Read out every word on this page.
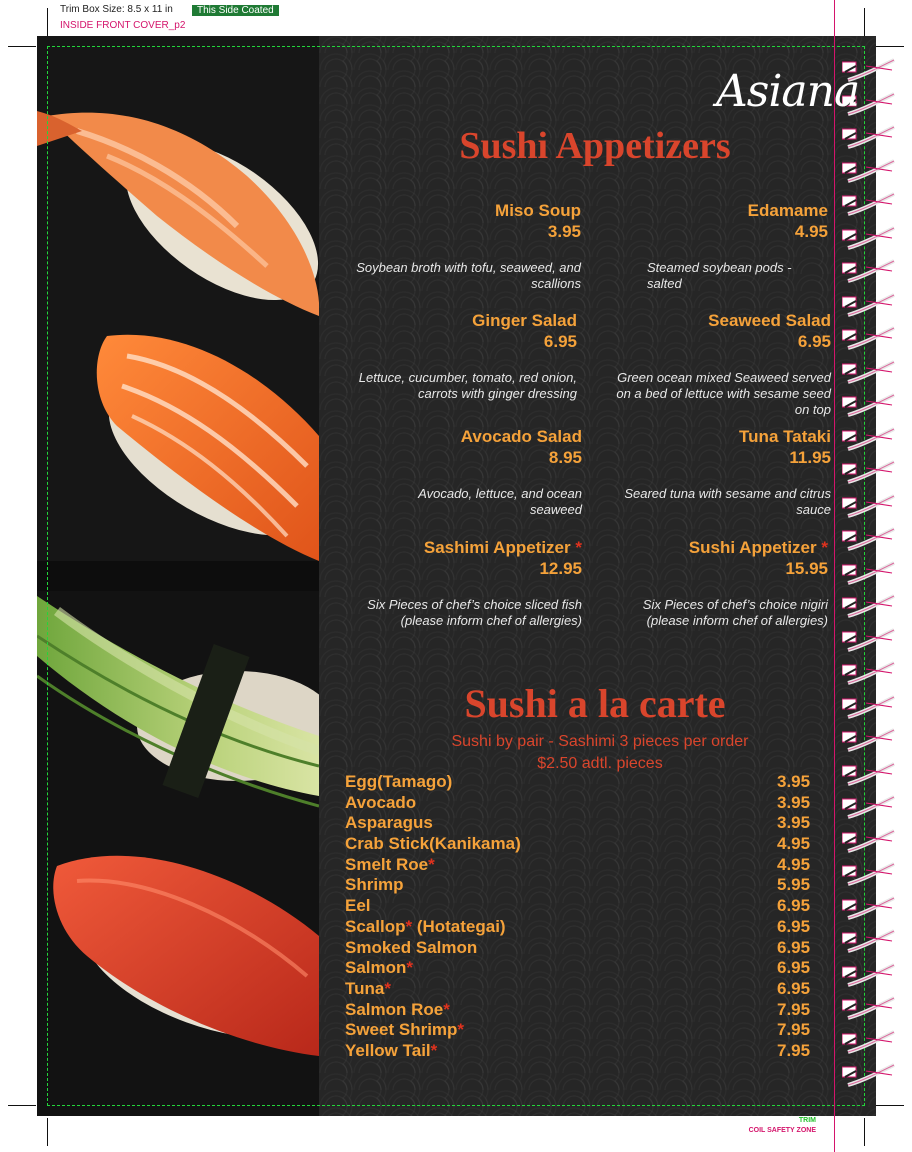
Trim Box Size: 8.5 x 11 in	This Side Coated
INSIDE FRONT COVER_p2
Asiana
Sushi Appetizers
Miso Soup
3.95
Soybean broth with tofu, seaweed, and scallions
Edamame
4.95
Steamed soybean pods - salted
Ginger Salad
6.95
Lettuce, cucumber, tomato, red onion, carrots with ginger dressing
Seaweed Salad
6.95
Green ocean mixed Seaweed served on a bed of lettuce with sesame seed on top
Avocado Salad
8.95
Avocado, lettuce, and ocean seaweed
Tuna Tataki
11.95
Seared tuna with sesame and citrus sauce
Sashimi Appetizer *
12.95
Six Pieces of chef’s choice sliced fish (please inform chef of allergies)
Sushi Appetizer *
15.95
Six Pieces of chef’s choice nigiri (please inform chef of allergies)
Sushi a la carte
Sushi by pair - Sashimi 3 pieces per order
$2.50 adtl. pieces
Egg(Tamago)	3.95
Avocado	3.95
Asparagus	3.95
Crab Stick(Kanikama)	4.95
Smelt Roe*	4.95
Shrimp	5.95
Eel	6.95
Scallop* (Hotategai)	6.95
Smoked Salmon	6.95
Salmon*	6.95
Tuna*	6.95
Salmon Roe*	7.95
Sweet Shrimp*	7.95
Yellow Tail*	7.95
TRIM
COIL SAFETY ZONE
